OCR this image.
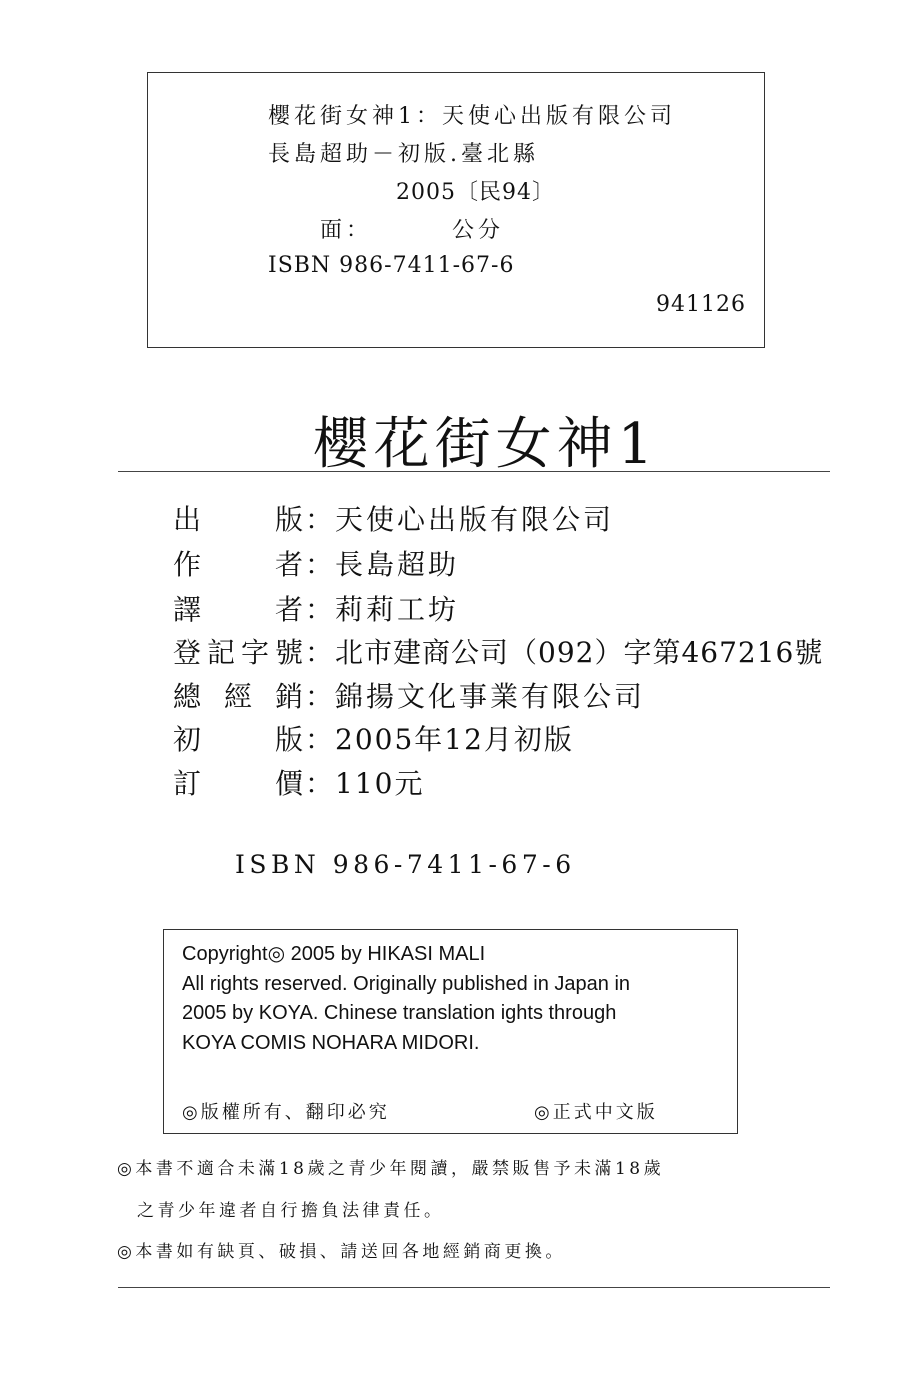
櫻花街女神1：天使心出版有限公司
長島超助－初版.臺北縣
2005〔民94〕
面：	公分
ISBN 986-7411-67-6
941126
櫻花街女神1
出	版 ： 天使心出版有限公司
作	者 ： 長島超助
譯	者 ： 莉莉工坊
登 記 字 號 ： 北市建商公司（092）字第467216號
總 經 銷 ： 錦揚文化事業有限公司
初	版 ： 2005年12月初版
訂	價 ： 110元
ISBN 986-7411-67-6
Copyright◎ 2005 by HIKASI MALI
All rights reserved. Originally published in Japan in
2005 by KOYA. Chinese translation ights through
KOYA COMIS NOHARA MIDORI.
◎版權所有、翻印必究	◎正式中文版
◎本書不適合未滿18歲之青少年閱讀，嚴禁販售予未滿18歲
之青少年違者自行擔負法律責任。
◎本書如有缺頁、破損、請送回各地經銷商更換。
